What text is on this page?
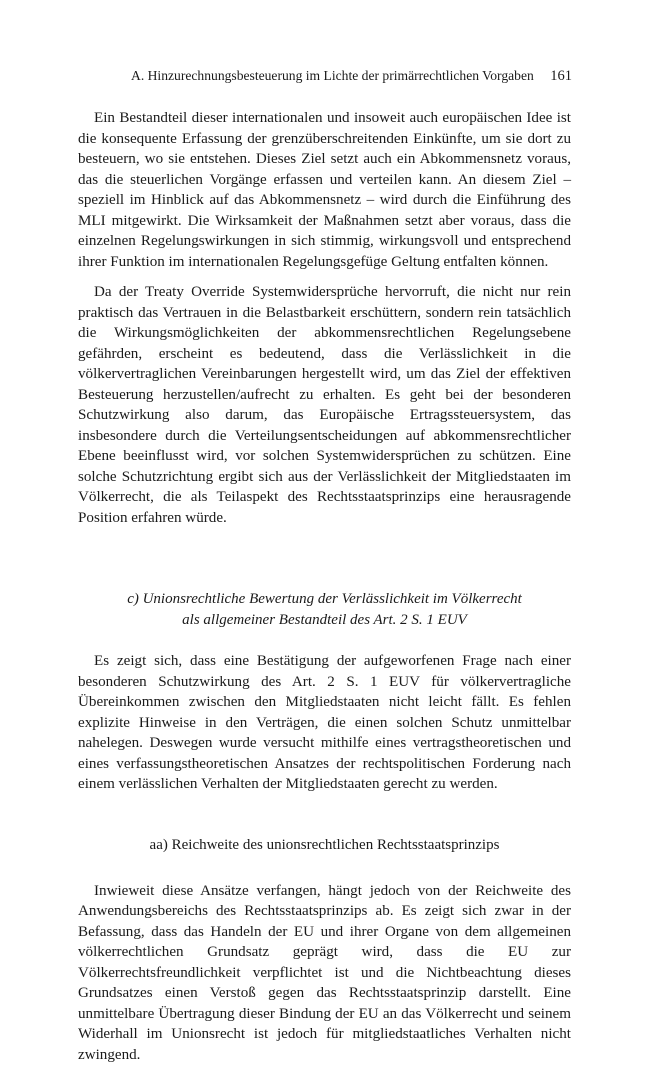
A. Hinzurechnungsbesteuerung im Lichte der primärrechtlichen Vorgaben 161

Ein Bestandteil dieser internationalen und insoweit auch europäischen Idee ist die konsequente Erfassung der grenzüberschreitenden Einkünfte, um sie dort zu besteuern, wo sie entstehen. Dieses Ziel setzt auch ein Abkommensnetz voraus, das die steuerlichen Vorgänge erfassen und verteilen kann. An diesem Ziel – speziell im Hinblick auf das Abkommensnetz – wird durch die Einführung des MLI mitgewirkt. Die Wirksamkeit der Maßnahmen setzt aber voraus, dass die einzelnen Regelungswirkungen in sich stimmig, wirkungsvoll und entsprechend ihrer Funktion im internationalen Regelungsgefüge Geltung entfalten können.

Da der Treaty Override Systemwidersprüche hervorruft, die nicht nur rein praktisch das Vertrauen in die Belastbarkeit erschüttern, sondern rein tatsächlich die Wirkungsmöglichkeiten der abkommensrechtlichen Regelungsebene gefährden, erscheint es bedeutend, dass die Verlässlichkeit in die völkervertraglichen Vereinbarungen hergestellt wird, um das Ziel der effektiven Besteuerung herzustellen/aufrecht zu erhalten. Es geht bei der besonderen Schutzwirkung also darum, das Europäische Ertragssteuersystem, das insbesondere durch die Verteilungsentscheidungen auf abkommensrechtlicher Ebene beeinflusst wird, vor solchen Systemwidersprüchen zu schützen. Eine solche Schutzrichtung ergibt sich aus der Verlässlichkeit der Mitgliedstaaten im Völkerrecht, die als Teilaspekt des Rechtsstaatsprinzips eine herausragende Position erfahren würde.

c) Unionsrechtliche Bewertung der Verlässlichkeit im Völkerrecht
als allgemeiner Bestandteil des Art. 2 S. 1 EUV

Es zeigt sich, dass eine Bestätigung der aufgeworfenen Frage nach einer besonderen Schutzwirkung des Art. 2 S. 1 EUV für völkervertragliche Übereinkommen zwischen den Mitgliedstaaten nicht leicht fällt. Es fehlen explizite Hinweise in den Verträgen, die einen solchen Schutz unmittelbar nahelegen. Deswegen wurde versucht mithilfe eines vertragstheoretischen und eines verfassungstheoretischen Ansatzes der rechtspolitischen Forderung nach einem verlässlichen Verhalten der Mitgliedstaaten gerecht zu werden.

aa) Reichweite des unionsrechtlichen Rechtsstaatsprinzips

Inwieweit diese Ansätze verfangen, hängt jedoch von der Reichweite des Anwendungsbereichs des Rechtsstaatsprinzips ab. Es zeigt sich zwar in der Befassung, dass das Handeln der EU und ihrer Organe von dem allgemeinen völkerrechtlichen Grundsatz geprägt wird, dass die EU zur Völkerrechtsfreundlichkeit verpflichtet ist und die Nichtbeachtung dieses Grundsatzes einen Verstoß gegen das Rechtsstaatsprinzip darstellt. Eine unmittelbare Übertragung dieser Bindung der EU an das Völkerrecht und seinem Widerhall im Unionsrecht ist jedoch für mitgliedstaatliches Verhalten nicht zwingend.
